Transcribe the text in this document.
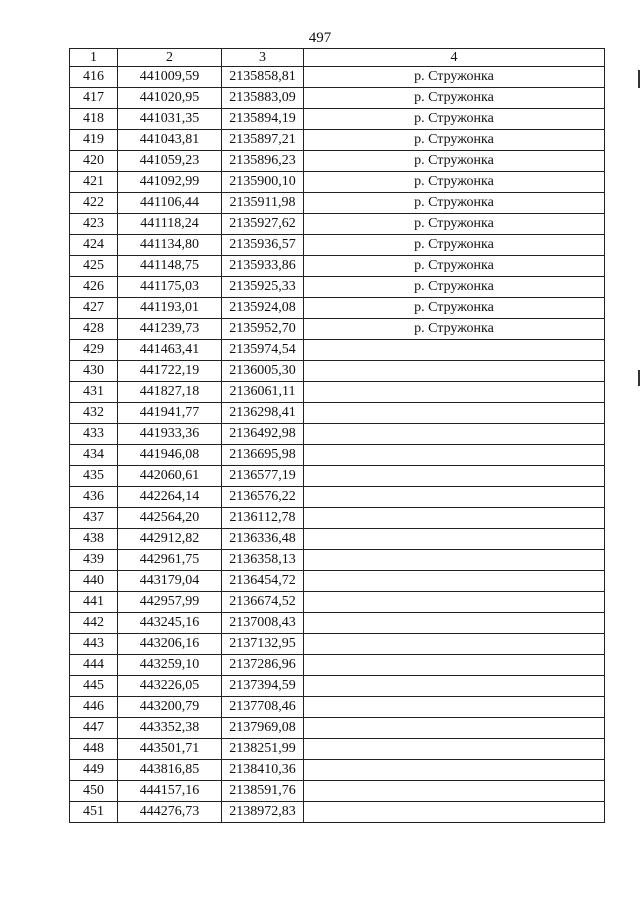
497
1	2	3	4
416	441009,59	2135858,81	р. Стружонка
417	441020,95	2135883,09	р. Стружонка
418	441031,35	2135894,19	р. Стружонка
419	441043,81	2135897,21	р. Стружонка
420	441059,23	2135896,23	р. Стружонка
421	441092,99	2135900,10	р. Стружонка
422	441106,44	2135911,98	р. Стружонка
423	441118,24	2135927,62	р. Стружонка
424	441134,80	2135936,57	р. Стружонка
425	441148,75	2135933,86	р. Стружонка
426	441175,03	2135925,33	р. Стружонка
427	441193,01	2135924,08	р. Стружонка
428	441239,73	2135952,70	р. Стружонка
429	441463,41	2135974,54	
430	441722,19	2136005,30	
431	441827,18	2136061,11	
432	441941,77	2136298,41	
433	441933,36	2136492,98	
434	441946,08	2136695,98	
435	442060,61	2136577,19	
436	442264,14	2136576,22	
437	442564,20	2136112,78	
438	442912,82	2136336,48	
439	442961,75	2136358,13	
440	443179,04	2136454,72	
441	442957,99	2136674,52	
442	443245,16	2137008,43	
443	443206,16	2137132,95	
444	443259,10	2137286,96	
445	443226,05	2137394,59	
446	443200,79	2137708,46	
447	443352,38	2137969,08	
448	443501,71	2138251,99	
449	443816,85	2138410,36	
450	444157,16	2138591,76	
451	444276,73	2138972,83	
